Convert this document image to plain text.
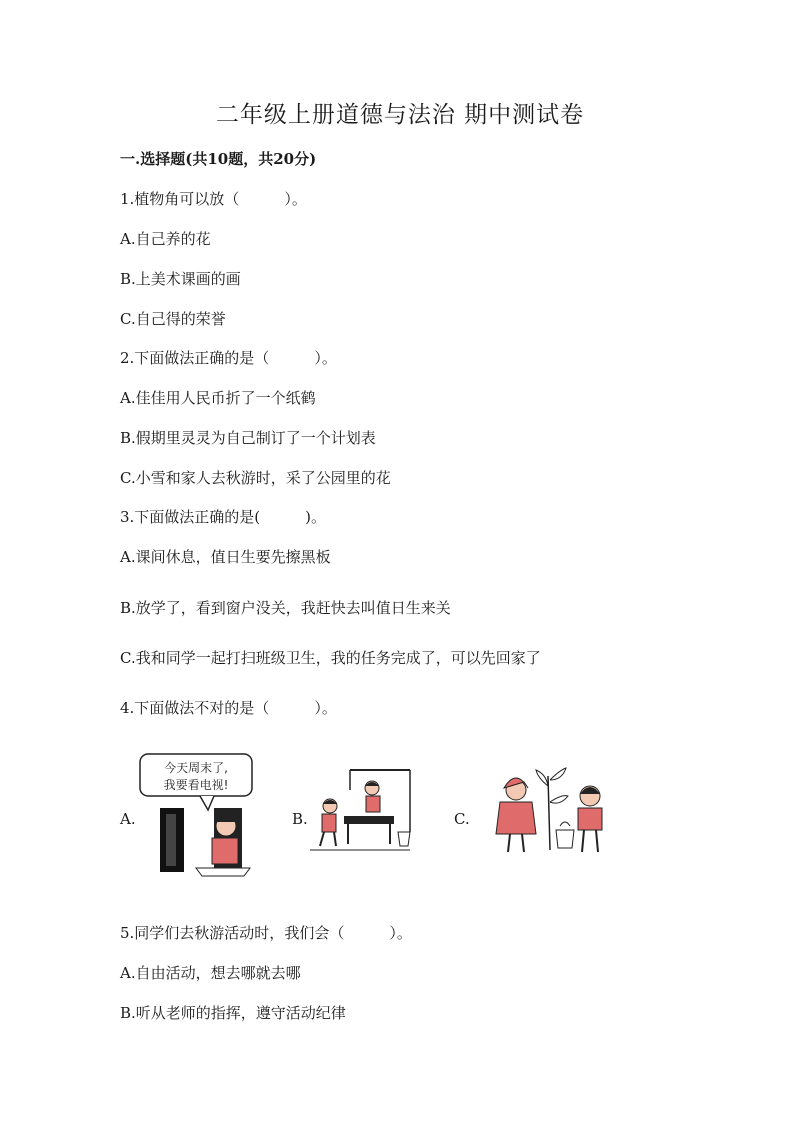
二年级上册道德与法治 期中测试卷
一.选择题(共10题，共20分)
1.植物角可以放（　　　）。
A.自己养的花
B.上美术课画的画
C.自己得的荣誉
2.下面做法正确的是（　　　）。
A.佳佳用人民币折了一个纸鹤
B.假期里灵灵为自己制订了一个计划表
C.小雪和家人去秋游时，采了公园里的花
3.下面做法正确的是(　　　)。
A.课间休息，值日生要先擦黑板
B.放学了，看到窗户没关，我赶快去叫值日生来关
C.我和同学一起打扫班级卫生，我的任务完成了，可以先回家了
4.下面做法不对的是（　　　）。
A.
今天周末了,
我要看电视!
B.	C.
5.同学们去秋游活动时，我们会（　　　）。
A.自由活动，想去哪就去哪
B.听从老师的指挥，遵守活动纪律
